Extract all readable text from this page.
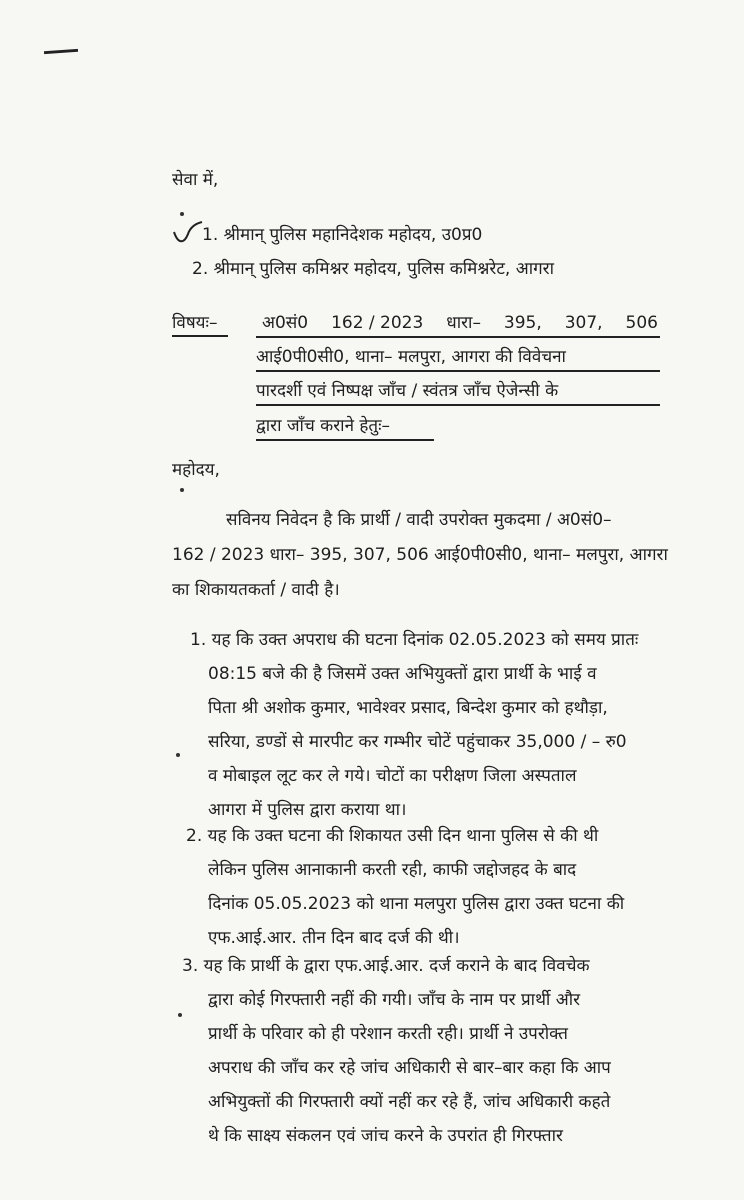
सेवा में,
1. श्रीमान् पुलिस महानिदेशक महोदय, उ0प्र0
2. श्रीमान् पुलिस कमिश्नर महोदय, पुलिस कमिश्नरेट, आगरा
विषयः–	अ0सं0 162 / 2023 धारा– 395, 307, 506
आई0पी0सी0, थाना– मलपुरा, आगरा की विवेचना
पारदर्शी एवं निष्पक्ष जाँच / स्वंतत्र जाँच ऐजेन्सी के
द्वारा जाँच कराने हेतुः–
महोदय,
सविनय निवेदन है कि प्रार्थी / वादी उपरोक्त मुकदमा / अ0सं0–
162 / 2023 धारा– 395, 307, 506 आई0पी0सी0, थाना– मलपुरा, आगरा
का शिकायतकर्ता / वादी है।
1. यह कि उक्त अपराध की घटना दिनांक 02.05.2023 को समय प्रातः
08:15 बजे की है जिसमें उक्त अभियुक्तों द्वारा प्रार्थी के भाई व
पिता श्री अशोक कुमार, भावेश्वर प्रसाद, बिन्देश कुमार को हथौड़ा,
सरिया, डण्डों से मारपीट कर गम्भीर चोटें पहुंचाकर 35,000 / – रु0
व मोबाइल लूट कर ले गये। चोटों का परीक्षण जिला अस्पताल
आगरा में पुलिस द्वारा कराया था।
2. यह कि उक्त घटना की शिकायत उसी दिन थाना पुलिस से की थी
लेकिन पुलिस आनाकानी करती रही, काफी जद्दोजहद के बाद
दिनांक 05.05.2023 को थाना मलपुरा पुलिस द्वारा उक्त घटना की
एफ.आई.आर. तीन दिन बाद दर्ज की थी।
3. यह कि प्रार्थी के द्वारा एफ.आई.आर. दर्ज कराने के बाद विवचेक
द्वारा कोई गिरफ्तारी नहीं की गयी। जाँच के नाम पर प्रार्थी और
प्रार्थी के परिवार को ही परेशान करती रही। प्रार्थी ने उपरोक्त
अपराध की जाँच कर रहे जांच अधिकारी से बार–बार कहा कि आप
अभियुक्तों की गिरफ्तारी क्यों नहीं कर रहे हैं, जांच अधिकारी कहते
थे कि साक्ष्य संकलन एवं जांच करने के उपरांत ही गिरफ्तार
